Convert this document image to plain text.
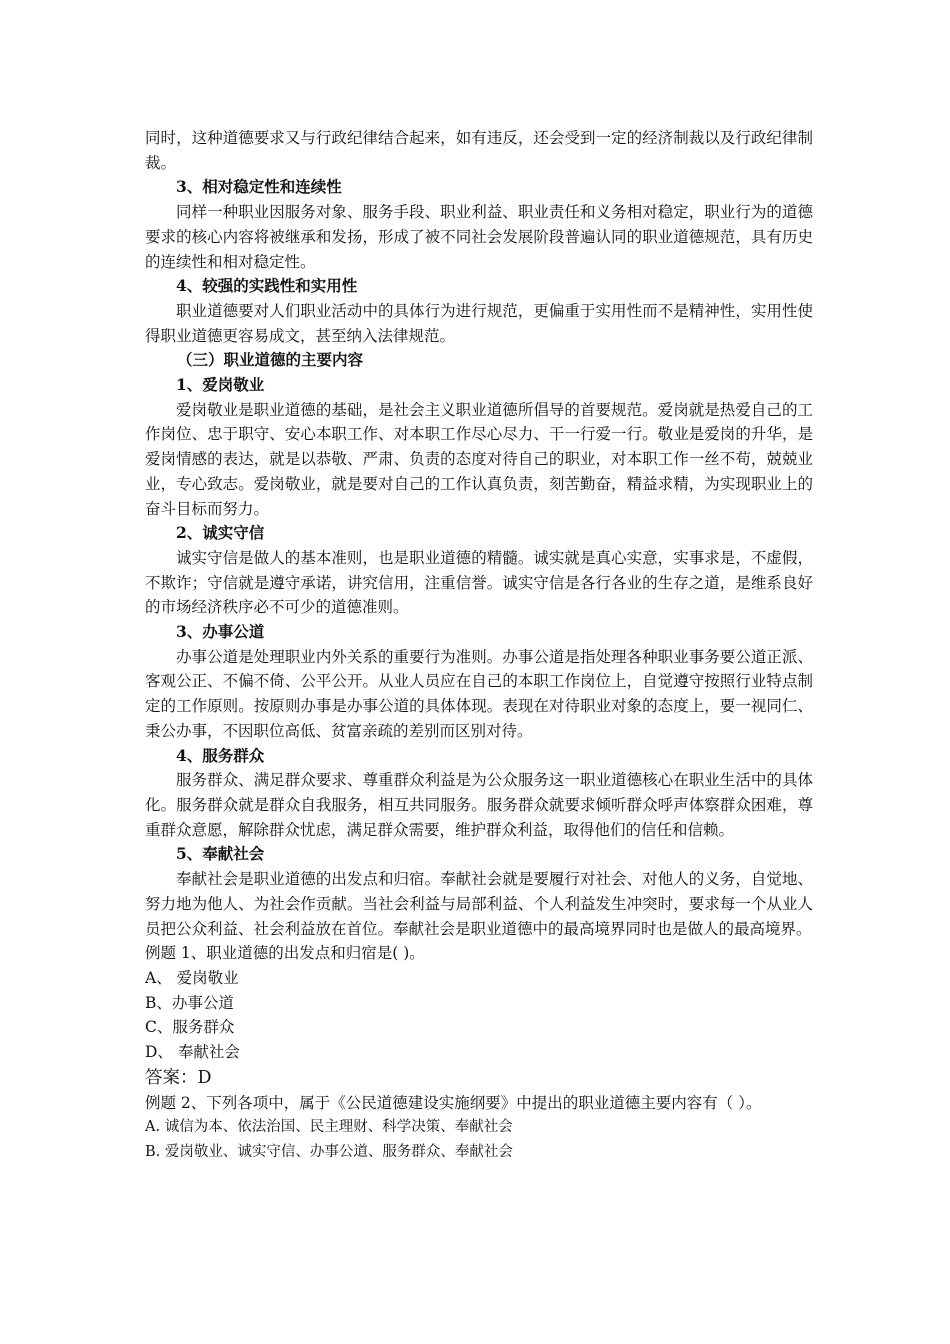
同时，这种道德要求又与行政纪律结合起来，如有违反，还会受到一定的经济制裁以及行政纪律制裁。

3、相对稳定性和连续性

同样一种职业因服务对象、服务手段、职业利益、职业责任和义务相对稳定，职业行为的道德要求的核心内容将被继承和发扬，形成了被不同社会发展阶段普遍认同的职业道德规范，具有历史的连续性和相对稳定性。

4、较强的实践性和实用性

职业道德要对人们职业活动中的具体行为进行规范，更偏重于实用性而不是精神性，实用性使得职业道德更容易成文，甚至纳入法律规范。

（三）职业道德的主要内容

1、爱岗敬业

爱岗敬业是职业道德的基础，是社会主义职业道德所倡导的首要规范。爱岗就是热爱自己的工作岗位、忠于职守、安心本职工作、对本职工作尽心尽力、干一行爱一行。敬业是爱岗的升华，是爱岗情感的表达，就是以恭敬、严肃、负责的态度对待自己的职业，对本职工作一丝不苟，兢兢业业，专心致志。爱岗敬业，就是要对自己的工作认真负责，刻苦勤奋，精益求精，为实现职业上的奋斗目标而努力。

2、诚实守信

诚实守信是做人的基本准则，也是职业道德的精髓。诚实就是真心实意，实事求是，不虚假，不欺诈；守信就是遵守承诺，讲究信用，注重信誉。诚实守信是各行各业的生存之道，是维系良好的市场经济秩序必不可少的道德准则。

3、办事公道

办事公道是处理职业内外关系的重要行为准则。办事公道是指处理各种职业事务要公道正派、客观公正、不偏不倚、公平公开。从业人员应在自己的本职工作岗位上，自觉遵守按照行业特点制定的工作原则。按原则办事是办事公道的具体体现。表现在对待职业对象的态度上，要一视同仁、秉公办事，不因职位高低、贫富亲疏的差别而区别对待。

4、服务群众

服务群众、满足群众要求、尊重群众利益是为公众服务这一职业道德核心在职业生活中的具体化。服务群众就是群众自我服务，相互共同服务。服务群众就要求倾听群众呼声体察群众困难，尊重群众意愿，解除群众忧虑，满足群众需要，维护群众利益，取得他们的信任和信赖。

5、奉献社会

奉献社会是职业道德的出发点和归宿。奉献社会就是要履行对社会、对他人的义务，自觉地、努力地为他人、为社会作贡献。当社会利益与局部利益、个人利益发生冲突时，要求每一个从业人员把公众利益、社会利益放在首位。奉献社会是职业道德中的最高境界同时也是做人的最高境界。

例题 1、职业道德的出发点和归宿是( )。

A、 爱岗敬业

B、办事公道

C、服务群众

D、 奉献社会

答案：D

例题 2、下列各项中，属于《公民道德建设实施纲要》中提出的职业道德主要内容有（ ）。

A. 诚信为本、依法治国、民主理财、科学决策、奉献社会

B. 爱岗敬业、诚实守信、办事公道、服务群众、奉献社会
